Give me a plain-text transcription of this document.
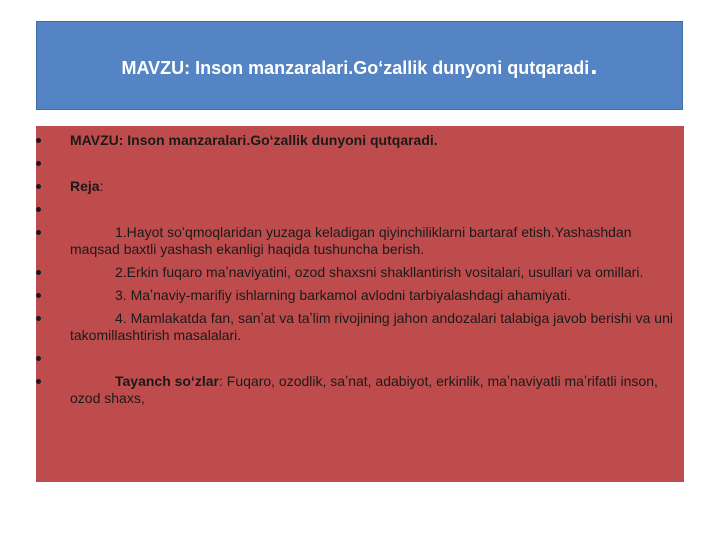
MAVZU: Inson manzaralari.Go‘zallik dunyoni qutqaradi.
MAVZU: Inson manzaralari.Goʻzallik dunyoni qutqaradi.
Reja:
1.Hayot soʻqmoqlaridan yuzaga keladigan qiyinchiliklarni bartaraf etish.Yashashdan maqsad baxtli yashash ekanligi haqida tushuncha berish.
2.Erkin fuqaro maʼnaviyatini, ozod shaxsni shakllantirish vositalari, usullari va omillari.
3. Maʼnaviy-marifiy ishlarning barkamol avlodni tarbiyalashdagi ahamiyati.
4. Mamlakatda fan, sanʼat va taʼlim rivojining jahon andozalari talabiga javob berishi va uni takomillashtirish masalalari.
Tayanch soʻzlar: Fuqaro, ozodlik, saʼnat, adabiyot, erkinlik, maʼnaviyatli maʼrifatli inson, ozod shaxs,
